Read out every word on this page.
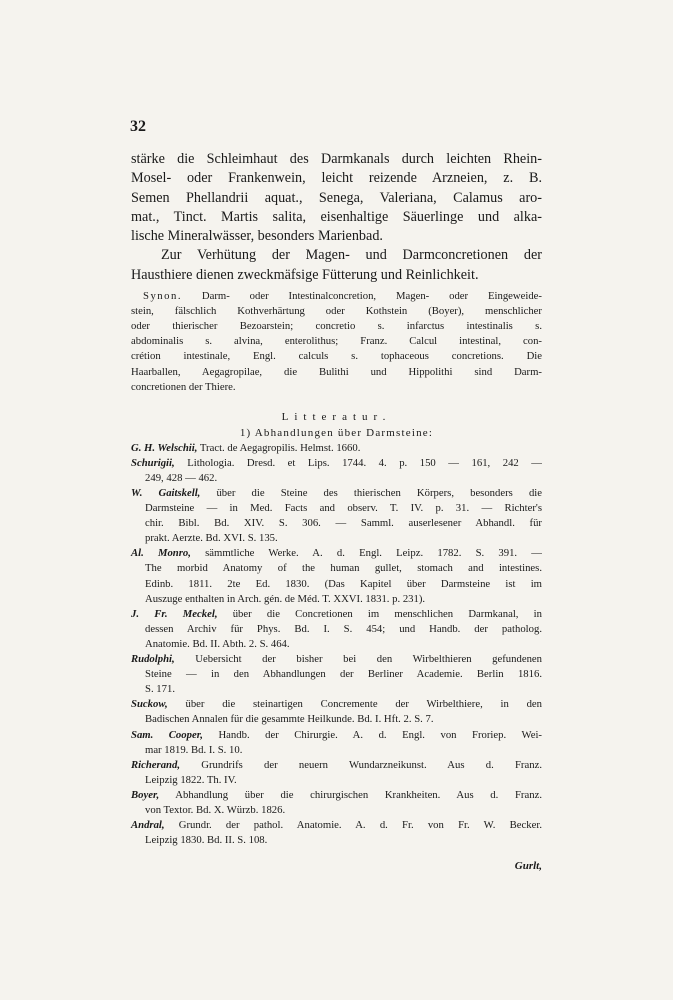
32
stärke die Schleimhaut des Darmkanals durch leichten Rhein-
Mosel- oder Frankenwein, leicht reizende Arzneien, z. B.
Semen Phellandrii aquat., Senega, Valeriana, Calamus aro-
mat., Tinct. Martis salita, eisenhaltige Säuerlinge und alka-
lische Mineralwässer, besonders Marienbad.
Zur Verhütung der Magen- und Darmconcretionen der
Hausthiere dienen zweckmäfsige Fütterung und Reinlichkeit.
Synon. Darm- oder Intestinalconcretion, Magen- oder Eingeweide-
stein, fälschlich Kothverhärtung oder Kothstein (Boyer), menschlicher
oder thierischer Bezoarstein; concretio s. infarctus intestinalis s.
abdominalis s. alvina, enterolithus; Franz. Calcul intestinal, con-
crétion intestinale, Engl. calculs s. tophaceous concretions. Die
Haarballen, Aegagropilae, die Bulithi und Hippolithi sind Darm-
concretionen der Thiere.
Litteratur.
1) Abhandlungen über Darmsteine:
G. H. Welschii, Tract. de Aegagropilis. Helmst. 1660.
Schurigii, Lithologia. Dresd. et Lips. 1744. 4. p. 150 — 161, 242 —
249, 428 — 462.
W. Gaitskell, über die Steine des thierischen Körpers, besonders die
Darmsteine — in Med. Facts and observ. T. IV. p. 31. — Richter's
chir. Bibl. Bd. XIV. S. 306. — Samml. auserlesener Abhandl. für
prakt. Aerzte. Bd. XVI. S. 135.
Al. Monro, sämmtliche Werke. A. d. Engl. Leipz. 1782. S. 391. —
The morbid Anatomy of the human gullet, stomach and intestines.
Edinb. 1811. 2te Ed. 1830. (Das Kapitel über Darmsteine ist im
Auszuge enthalten in Arch. gén. de Méd. T. XXVI. 1831. p. 231).
J. Fr. Meckel, über die Concretionen im menschlichen Darmkanal, in
dessen Archiv für Phys. Bd. I. S. 454; und Handb. der patholog.
Anatomie. Bd. II. Abth. 2. S. 464.
Rudolphi, Uebersicht der bisher bei den Wirbelthieren gefundenen
Steine — in den Abhandlungen der Berliner Academie. Berlin 1816.
S. 171.
Suckow, über die steinartigen Concremente der Wirbelthiere, in den
Badischen Annalen für die gesammte Heilkunde. Bd. I. Hft. 2. S. 7.
Sam. Cooper, Handb. der Chirurgie. A. d. Engl. von Froriep. Wei-
mar 1819. Bd. I. S. 10.
Richerand, Grundrifs der neuern Wundarzneikunst. Aus d. Franz.
Leipzig 1822. Th. IV.
Boyer, Abhandlung über die chirurgischen Krankheiten. Aus d. Franz.
von Textor. Bd. X. Würzb. 1826.
Andral, Grundr. der pathol. Anatomie. A. d. Fr. von Fr. W. Becker.
Leipzig 1830. Bd. II. S. 108.
Gurlt,
